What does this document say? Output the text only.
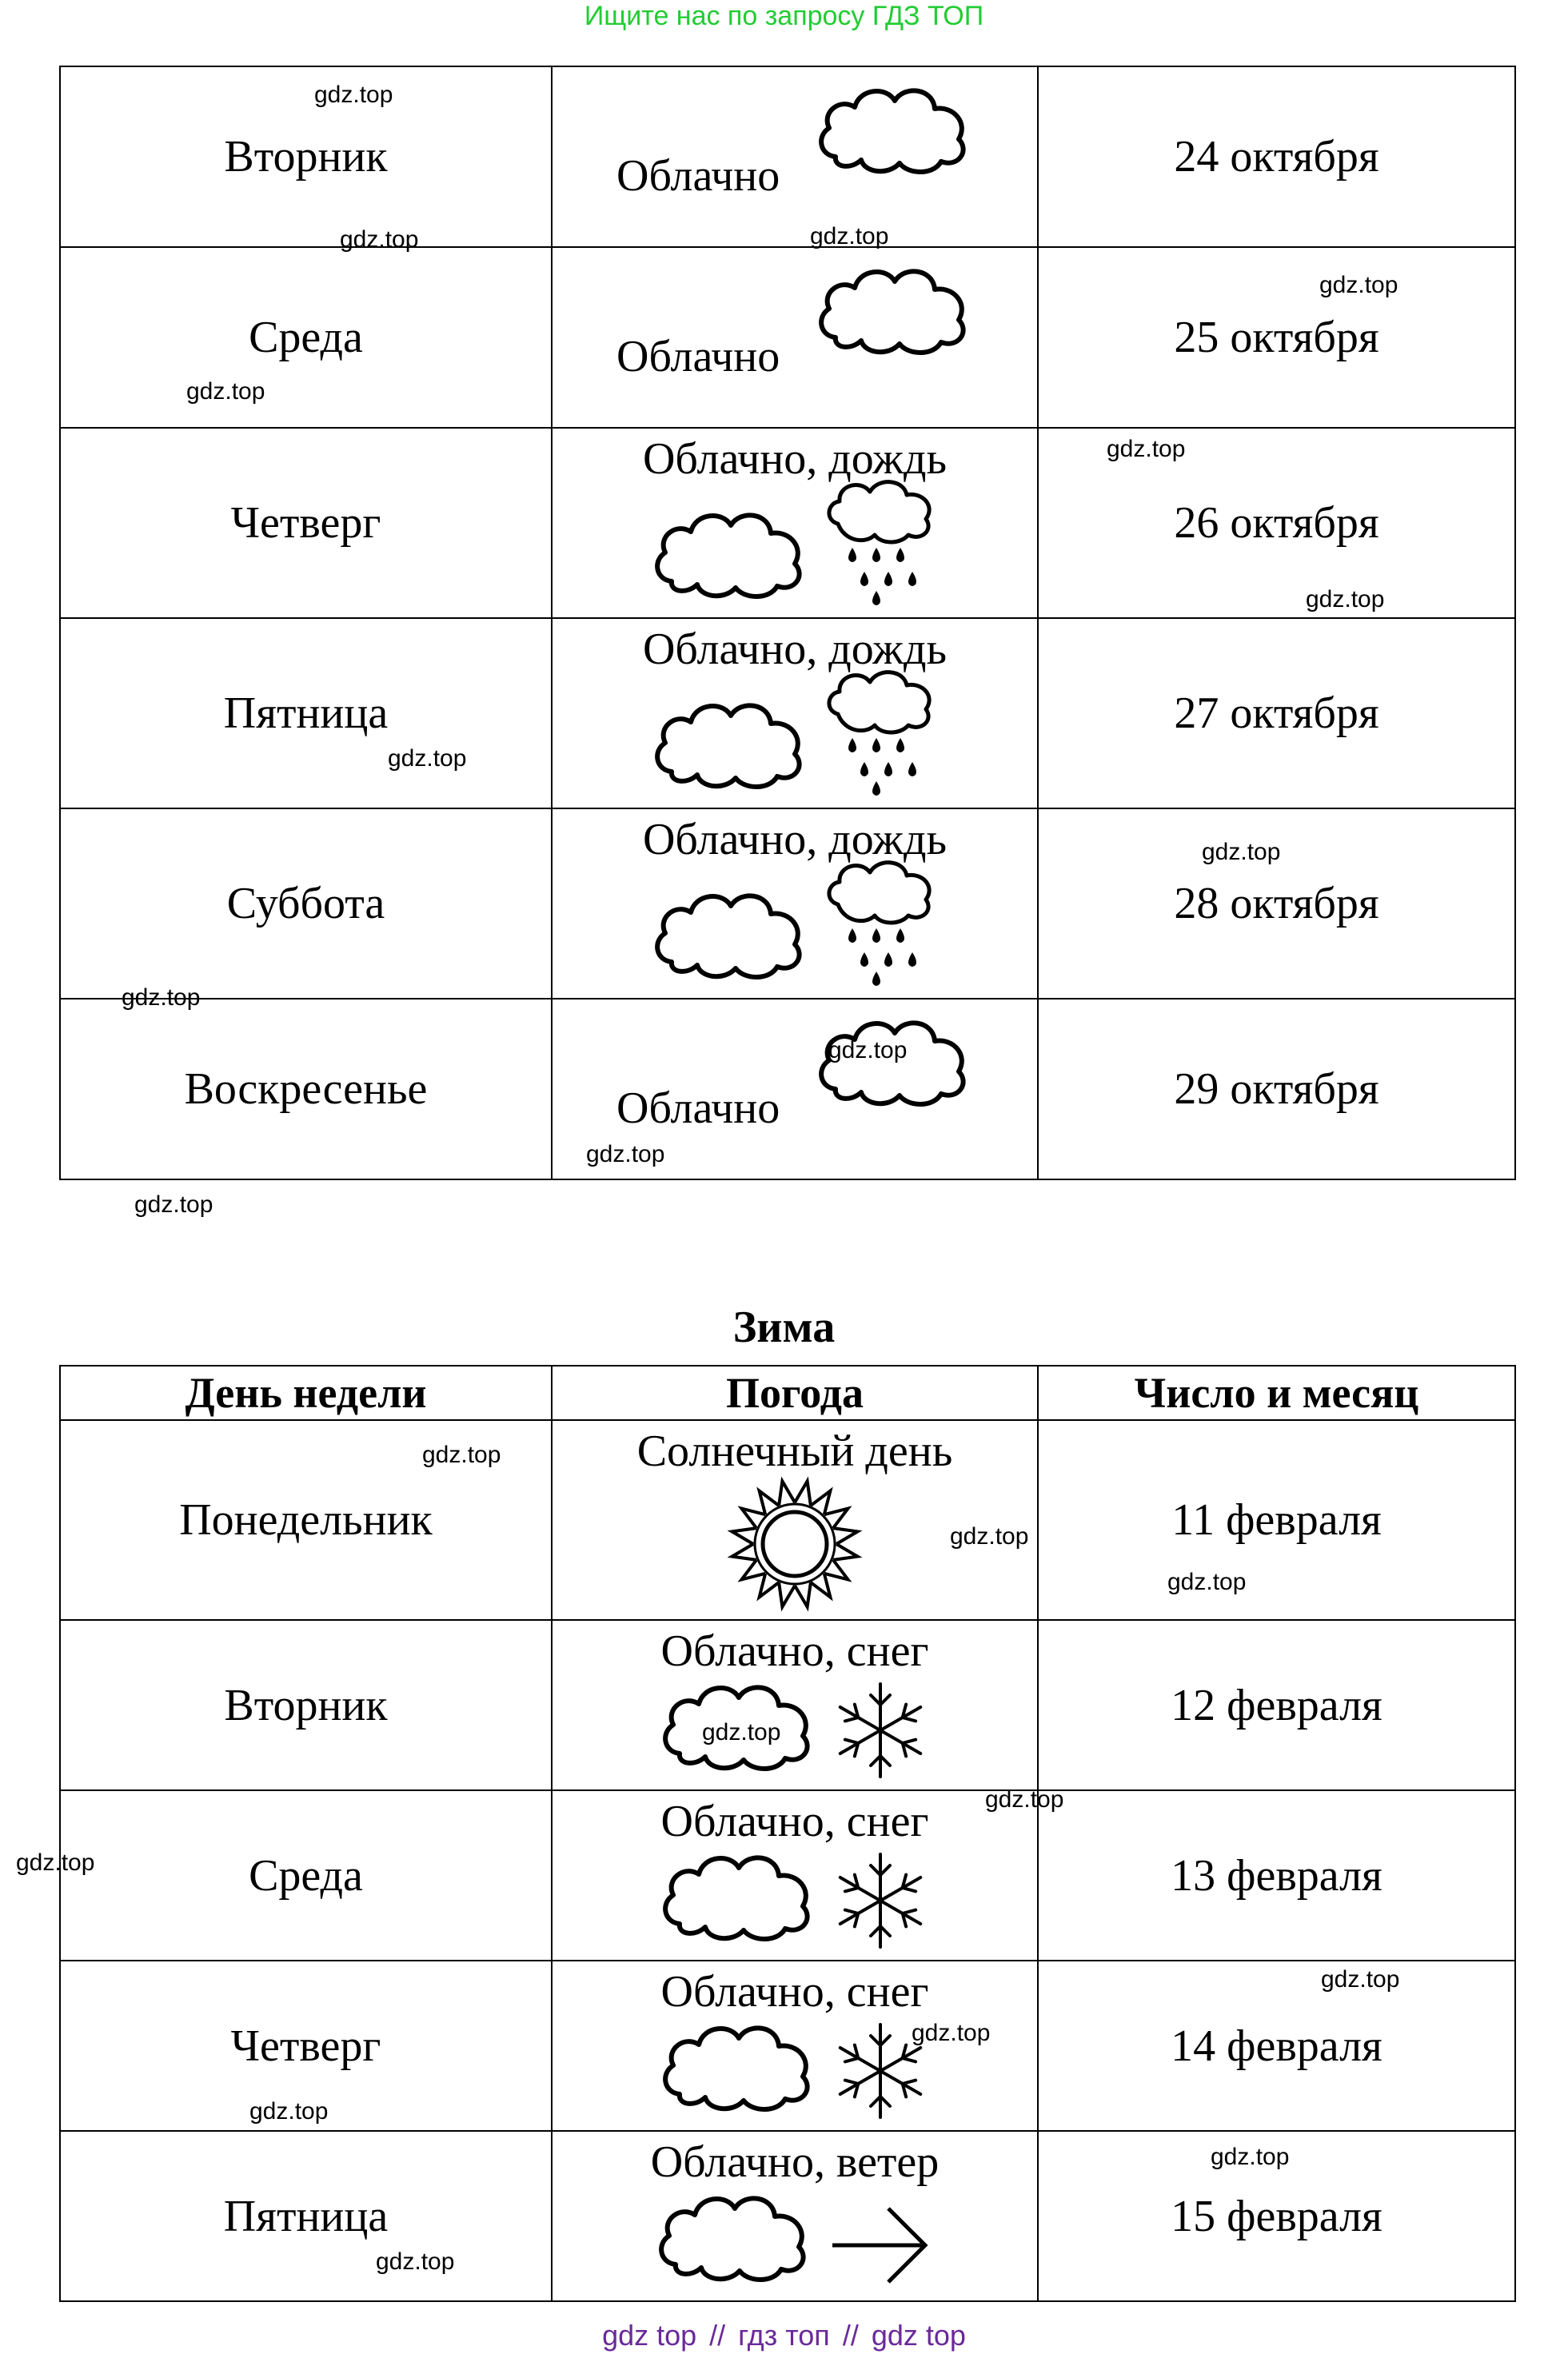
Ищите нас по запросу ГДЗ ТОП
Вторник	Облачно	24 октября
Среда	Облачно	25 октября
Четверг	Облачно, дождь	26 октября
Пятница	Облачно, дождь	27 октября
Суббота	Облачно, дождь	28 октября
Воскресенье	Облачно	29 октября
Зима
День недели	Погода	Число и месяц
Понедельник	Солнечный день	11 февраля
Вторник	Облачно, снег	12 февраля
Среда	Облачно, снег	13 февраля
Четверг	Облачно, снег	14 февраля
Пятница	Облачно, ветер	15 февраля
gdz top // гдз топ // gdz top
gdz.top
gdz.top
gdz.top
gdz.top
gdz.top
gdz.top
gdz.top
gdz.top
gdz.top
gdz.top
gdz.top
gdz.top
gdz.top
gdz.top
gdz.top
gdz.top
gdz.top
gdz.top
gdz.top
gdz.top
gdz.top
gdz.top
gdz.top
gdz.top
